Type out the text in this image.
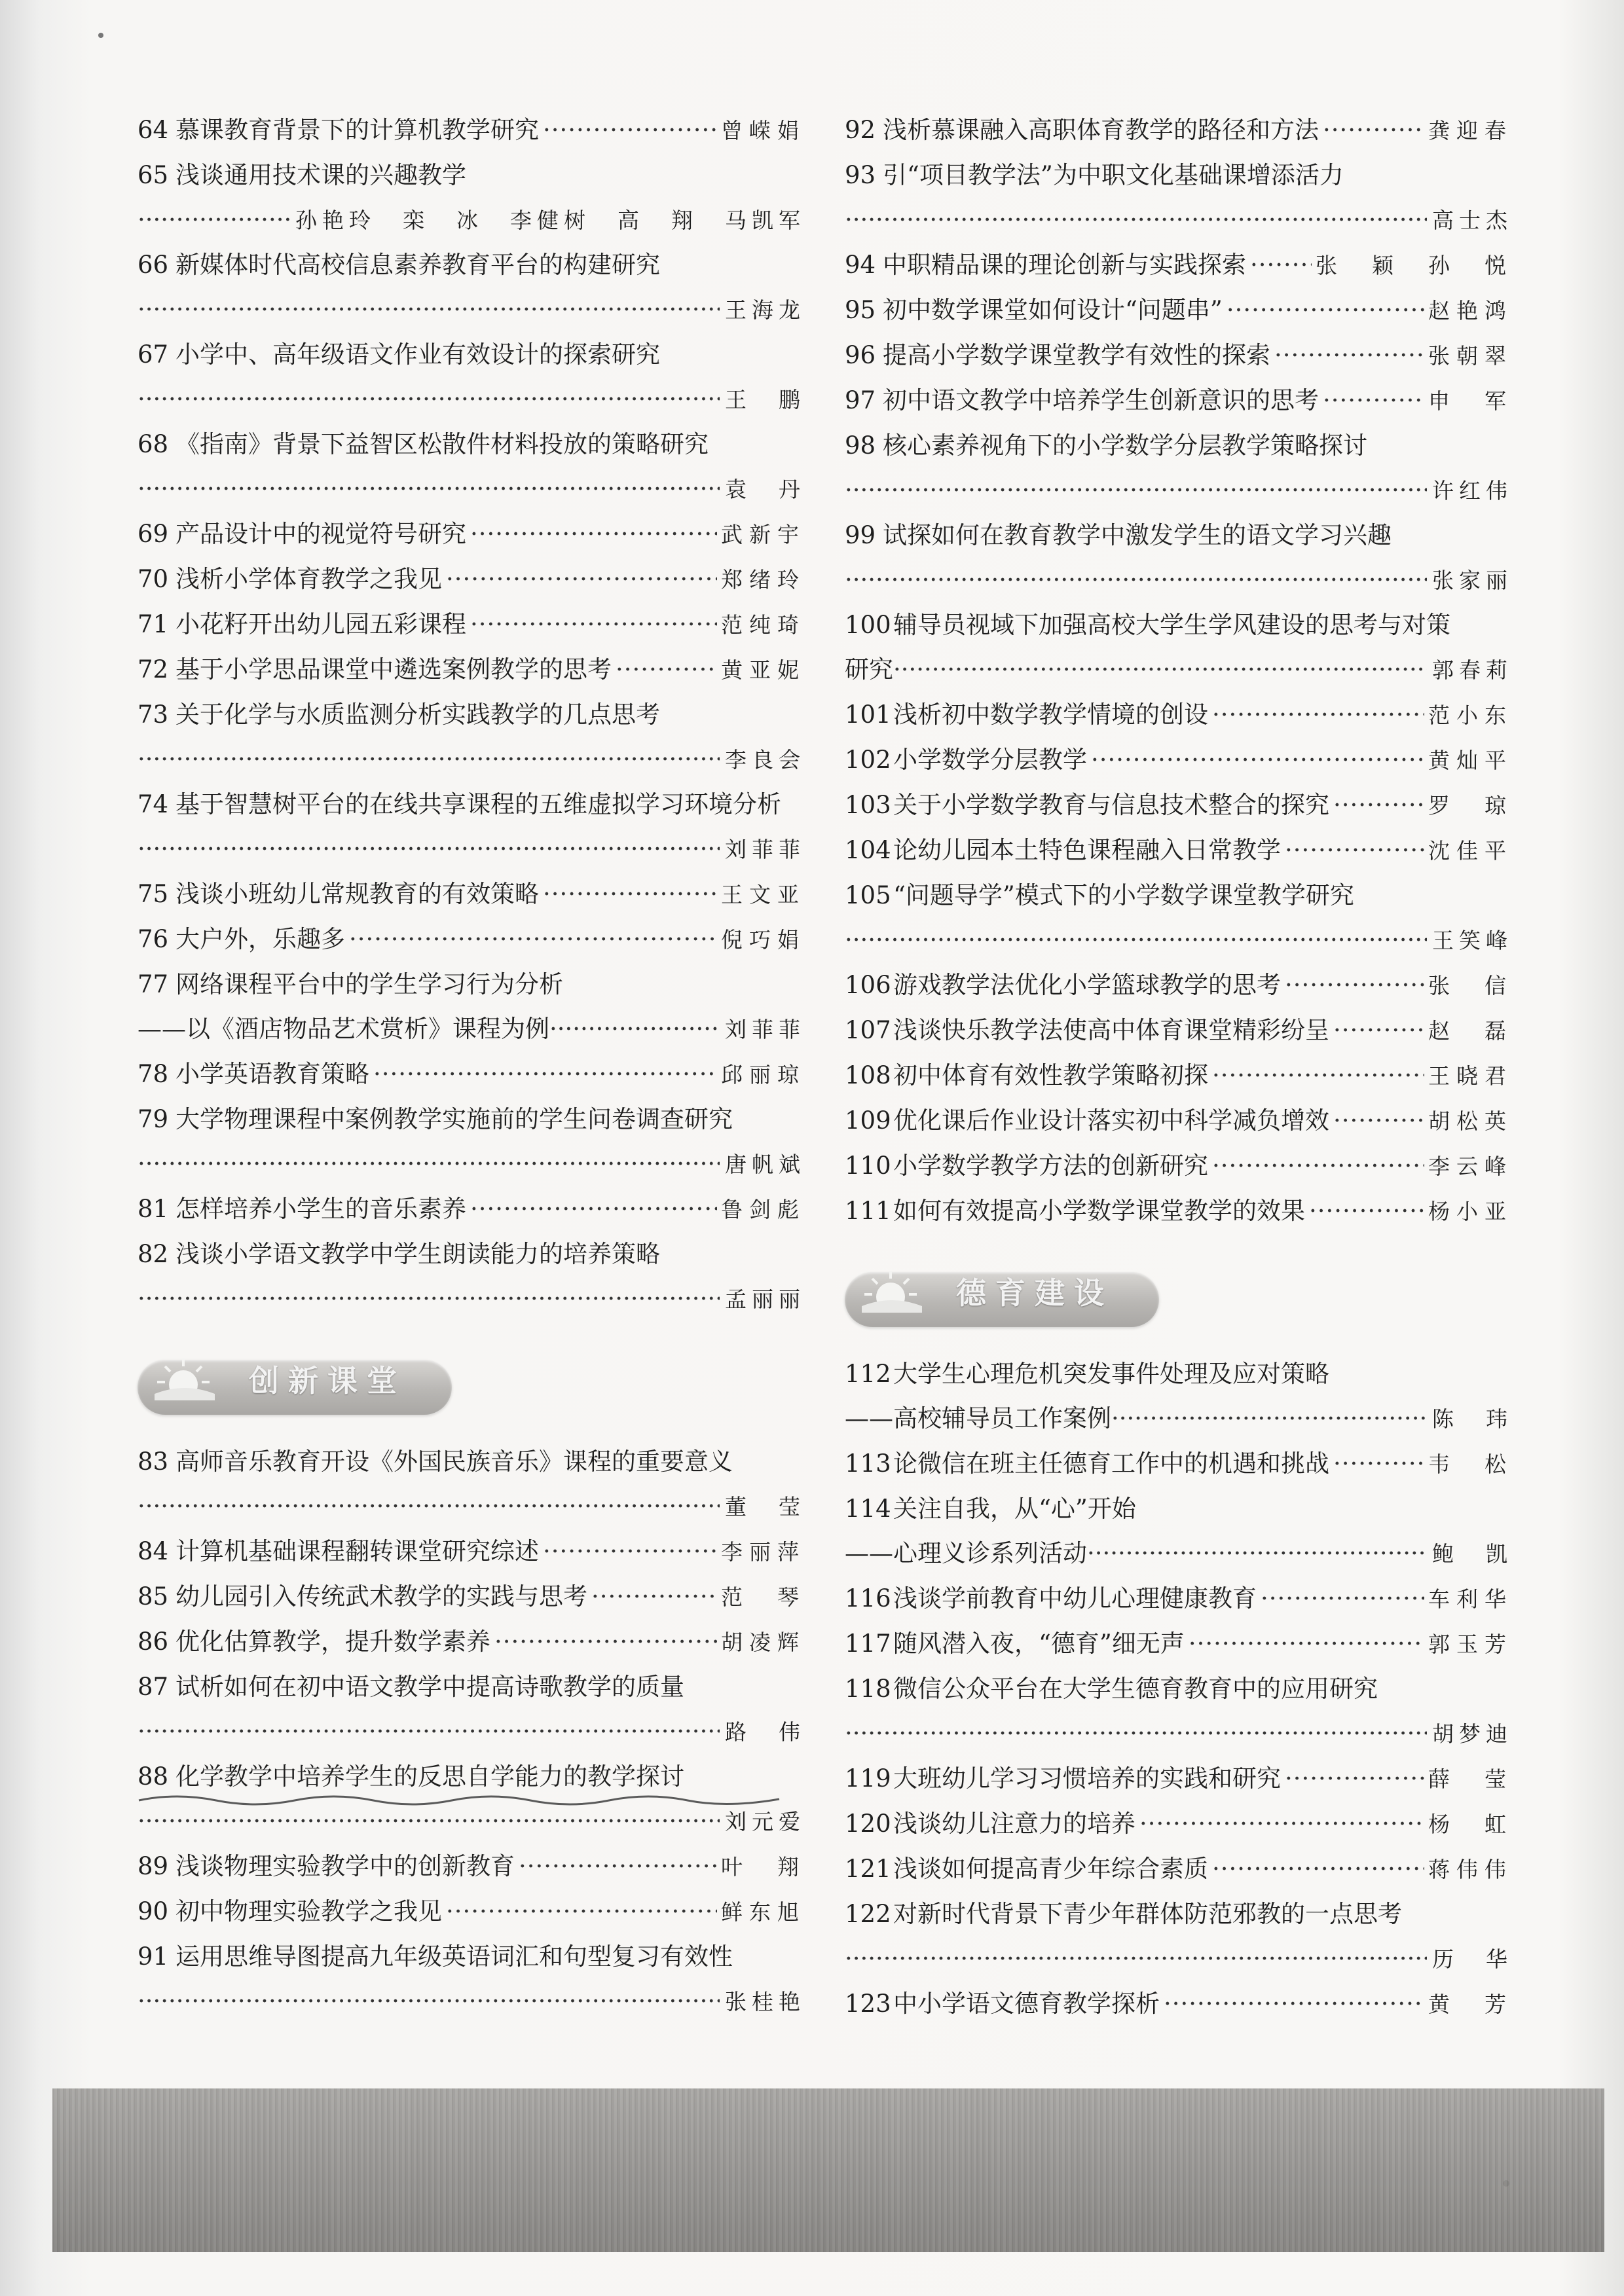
64 慕课教育背景下的计算机教学研究 ·····	曾嵘娟
65 浅谈通用技术课的兴趣教学
·····
孙艳玲　栾　冰　李健树　高　翔　马凯军
66 新媒体时代高校信息素养教育平台的构建研究
·····
王海龙
67 小学中、高年级语文作业有效设计的探索研究
·····
王　鹏
68 《指南》背景下益智区松散件材料投放的策略研究
·····
袁　丹
69 产品设计中的视觉符号研究 ·····	武新宇
70 浅析小学体育教学之我见 ·····	郑绪玲
71 小花籽开出幼儿园五彩课程 ·····	范纯琦
72 基于小学思品课堂中遴选案例教学的思考 ·····	黄亚妮
73 关于化学与水质监测分析实践教学的几点思考
·····
李良会
74 基于智慧树平台的在线共享课程的五维虚拟学习环境分析
·····
刘菲菲
75 浅谈小班幼儿常规教育的有效策略 ·····	王文亚
76 大户外，乐趣多 ·····	倪巧娟
77 网络课程平台中的学生学习行为分析
——以《酒店物品艺术赏析》课程为例 ·····	刘菲菲
78 小学英语教育策略 ·····	邱丽琼
79 大学物理课程中案例教学实施前的学生问卷调查研究
·····
唐帆斌
81 怎样培养小学生的音乐素养 ·····	鲁剑彪
82 浅谈小学语文教学中学生朗读能力的培养策略
·····
孟丽丽
创新课堂
83 高师音乐教育开设《外国民族音乐》课程的重要意义
·····
董　莹
84 计算机基础课程翻转课堂研究综述 ·····	李丽萍
85 幼儿园引入传统武术教学的实践与思考 ·····	范　琴
86 优化估算教学，提升数学素养 ·····	胡凌辉
87 试析如何在初中语文教学中提高诗歌教学的质量
·····
路　伟
88 化学教学中培养学生的反思自学能力的教学探讨
·····
刘元爱
89 浅谈物理实验教学中的创新教育 ·····	叶　翔
90 初中物理实验教学之我见 ·····	鲜东旭
91 运用思维导图提高九年级英语词汇和句型复习有效性
·····
张桂艳
92 浅析慕课融入高职体育教学的路径和方法 ·····	龚迎春
93 引“项目教学法”为中职文化基础课增添活力
·····
高士杰
94 中职精品课的理论创新与实践探索 ·····	张　颖　孙　悦
95 初中数学课堂如何设计“问题串” ·····	赵艳鸿
96 提高小学数学课堂教学有效性的探索 ·····	张朝翠
97 初中语文教学中培养学生创新意识的思考 ·····	申　军
98 核心素养视角下的小学数学分层教学策略探讨
·····
许红伟
99 试探如何在教育教学中激发学生的语文学习兴趣
·····
张家丽
100辅导员视域下加强高校大学生学风建设的思考与对策
研究 ·····	郭春莉
101浅析初中数学教学情境的创设 ·····	范小东
102小学数学分层教学 ·····	黄灿平
103关于小学数学教育与信息技术整合的探究 ·····	罗　琼
104论幼儿园本土特色课程融入日常教学 ·····	沈佳平
105“问题导学”模式下的小学数学课堂教学研究
·····
王笑峰
106游戏教学法优化小学篮球教学的思考 ·····	张　信
107浅谈快乐教学法使高中体育课堂精彩纷呈 ·····	赵　磊
108初中体育有效性教学策略初探 ·····	王晓君
109优化课后作业设计落实初中科学减负增效 ·····	胡松英
110小学数学教学方法的创新研究 ·····	李云峰
111如何有效提高小学数学课堂教学的效果 ·····	杨小亚
德育建设
112大学生心理危机突发事件处理及应对策略
——高校辅导员工作案例 ·····	陈　玮
113论微信在班主任德育工作中的机遇和挑战 ·····	韦　松
114关注自我，从“心”开始
——心理义诊系列活动 ·····	鲍　凯
116浅谈学前教育中幼儿心理健康教育 ·····	车利华
117随风潜入夜，“德育”细无声 ·····	郭玉芳
118微信公众平台在大学生德育教育中的应用研究
·····
胡梦迪
119大班幼儿学习习惯培养的实践和研究 ·····	薛　莹
120浅谈幼儿注意力的培养 ·····	杨　虹
121浅谈如何提高青少年综合素质 ·····	蒋伟伟
122对新时代背景下青少年群体防范邪教的一点思考
·····
历　华
123中小学语文德育教学探析 ·····	黄　芳
